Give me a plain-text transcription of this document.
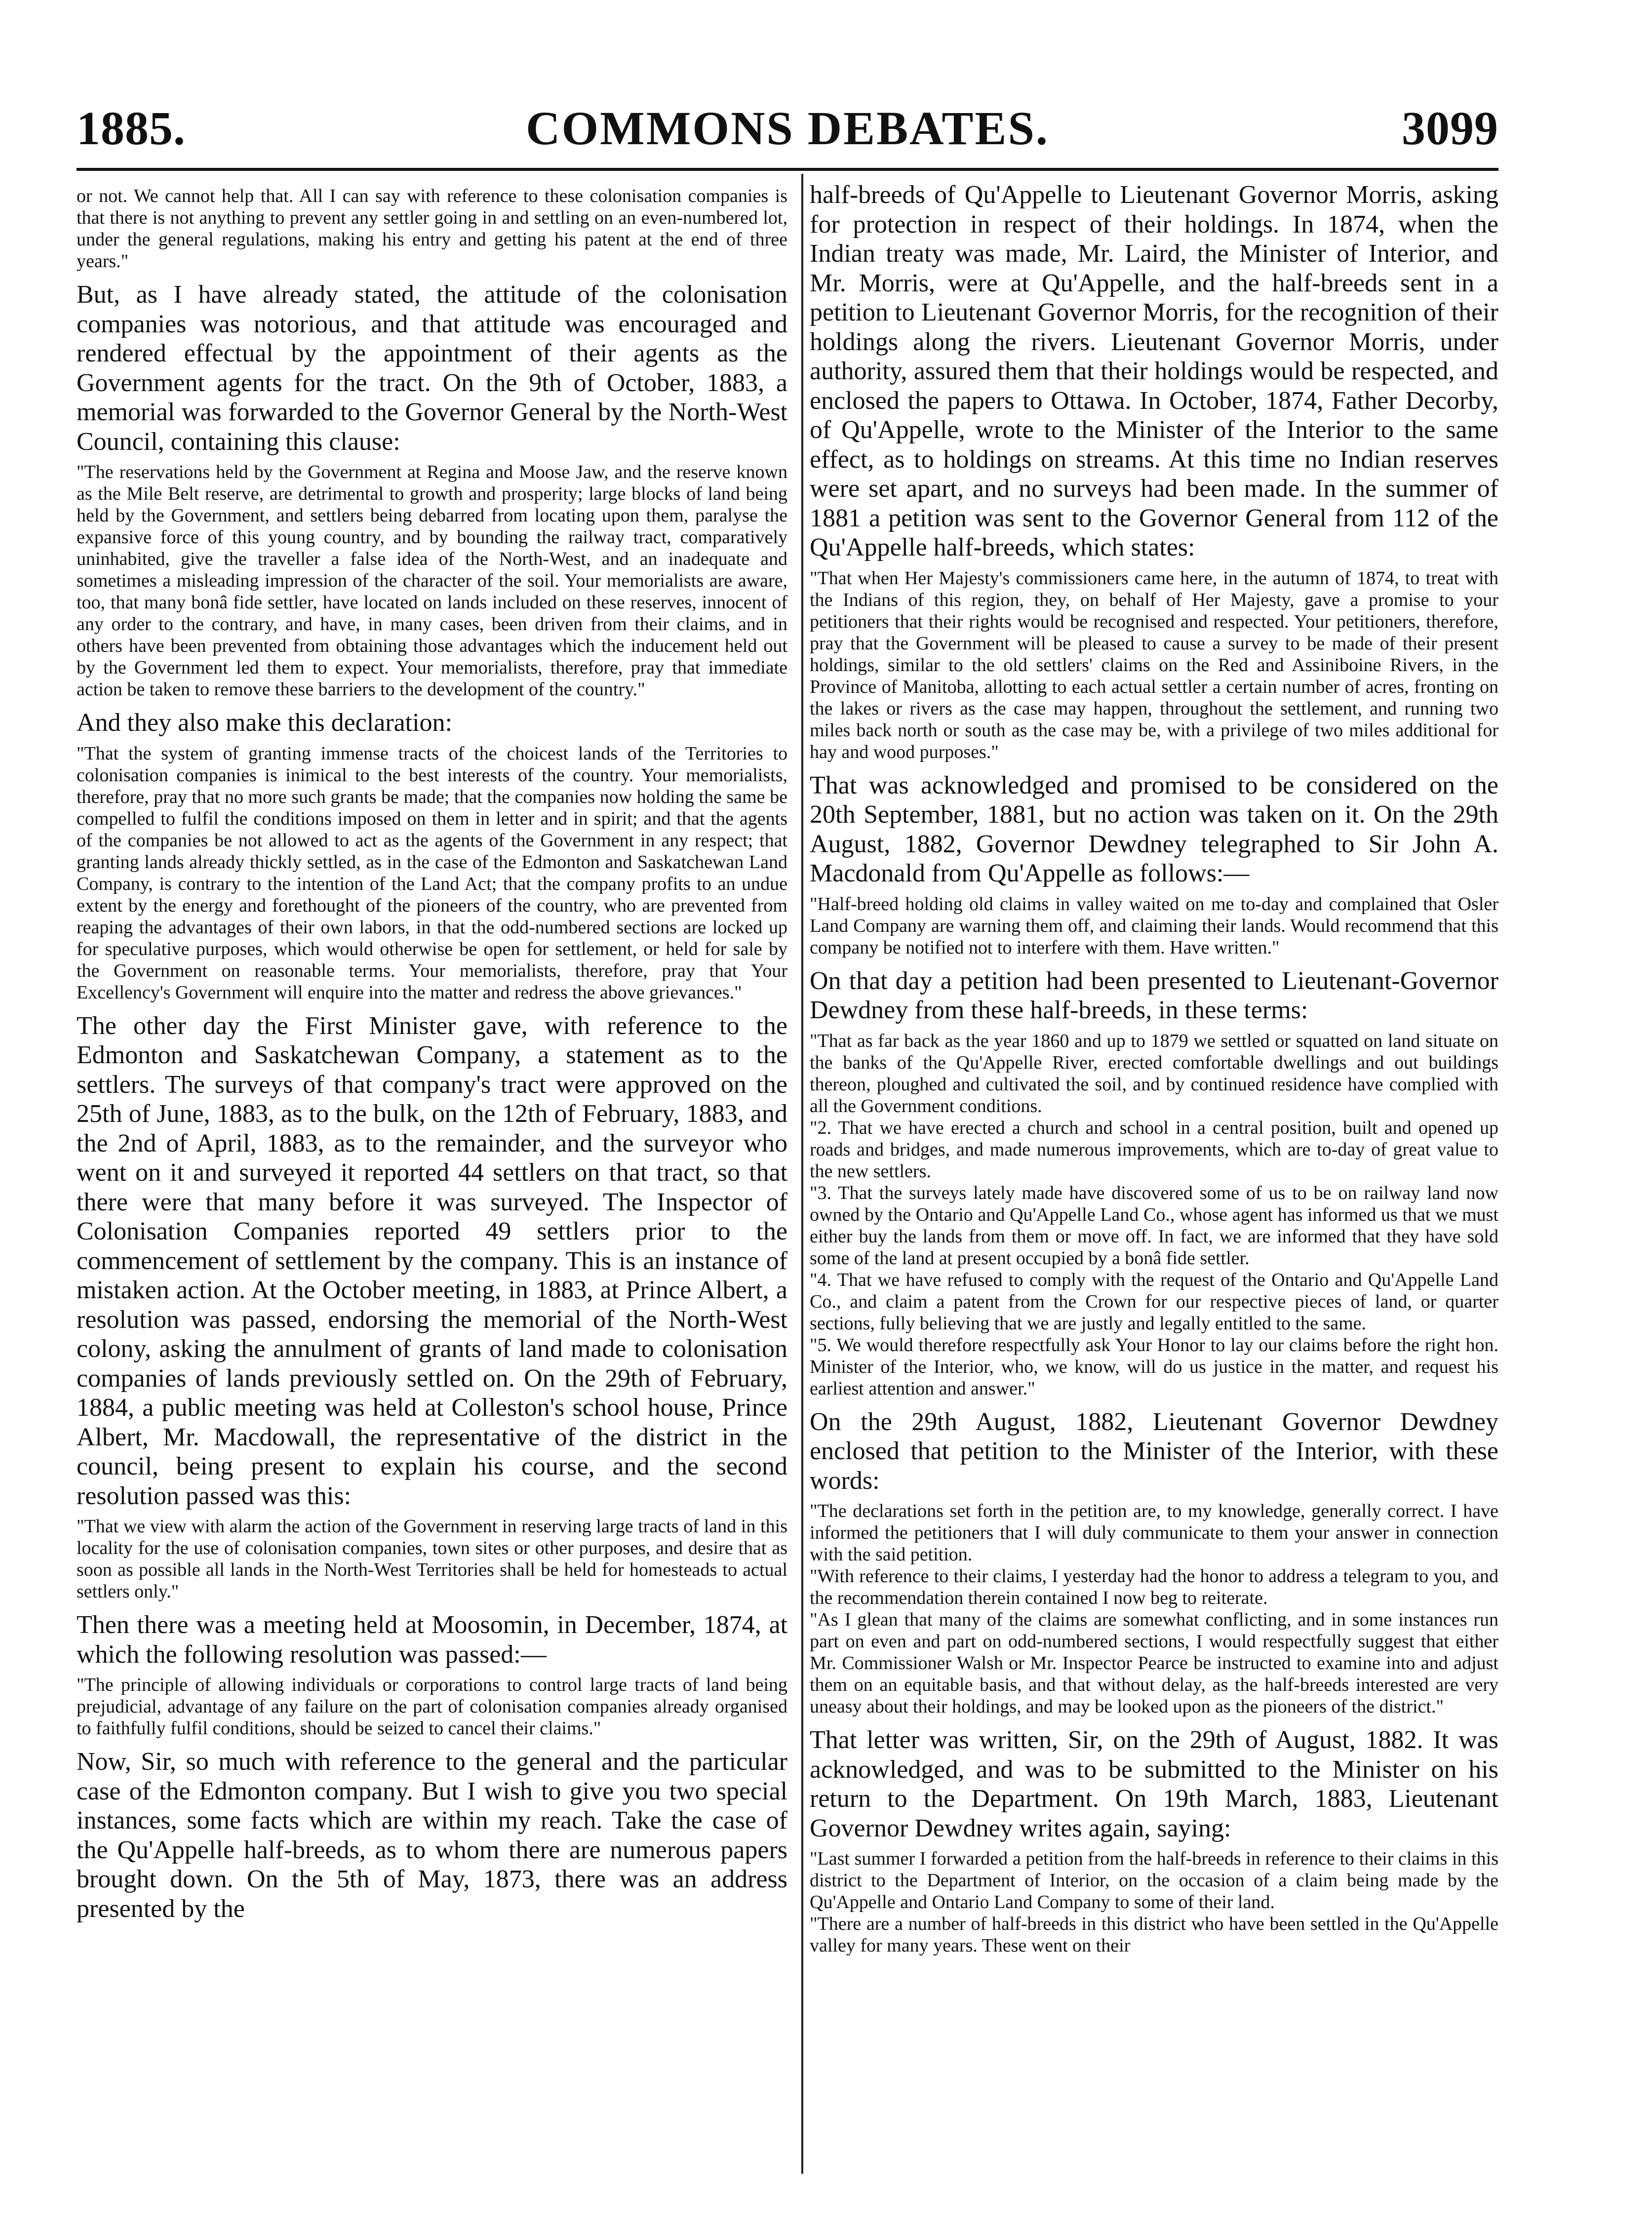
1885.	COMMONS DEBATES.	3099

or not. We cannot help that. All I can say with reference to these colonisation companies is that there is not anything to prevent any settler going in and settling on an even-numbered lot, under the general regulations, making his entry and getting his patent at the end of three years."

But, as I have already stated, the attitude of the colonisation companies was notorious, and that attitude was encouraged and rendered effectual by the appointment of their agents as the Government agents for the tract. On the 9th of October, 1883, a memorial was forwarded to the Governor General by the North-West Council, containing this clause:

"The reservations held by the Government at Regina and Moose Jaw, and the reserve known as the Mile Belt reserve, are detrimental to growth and prosperity; large blocks of land being held by the Government, and settlers being debarred from locating upon them, paralyse the expansive force of this young country, and by bounding the railway tract, comparatively uninhabited, give the traveller a false idea of the North-West, and an inadequate and sometimes a misleading impression of the character of the soil. Your memorialists are aware, too, that many bonâ fide settler, have located on lands included on these reserves, innocent of any order to the contrary, and have, in many cases, been driven from their claims, and in others have been prevented from obtaining those advantages which the inducement held out by the Government led them to expect. Your memorialists, therefore, pray that immediate action be taken to remove these barriers to the development of the country."

And they also make this declaration:

"That the system of granting immense tracts of the choicest lands of the Territories to colonisation companies is inimical to the best interests of the country. Your memorialists, therefore, pray that no more such grants be made; that the companies now holding the same be compelled to fulfil the conditions imposed on them in letter and in spirit; and that the agents of the companies be not allowed to act as the agents of the Government in any respect; that granting lands already thickly settled, as in the case of the Edmonton and Saskatchewan Land Company, is contrary to the intention of the Land Act; that the company profits to an undue extent by the energy and forethought of the pioneers of the country, who are prevented from reaping the advantages of their own labors, in that the odd-numbered sections are locked up for speculative purposes, which would otherwise be open for settlement, or held for sale by the Government on reasonable terms. Your memorialists, therefore, pray that Your Excellency's Government will enquire into the matter and redress the above grievances."

The other day the First Minister gave, with reference to the Edmonton and Saskatchewan Company, a statement as to the settlers. The surveys of that company's tract were approved on the 25th of June, 1883, as to the bulk, on the 12th of February, 1883, and the 2nd of April, 1883, as to the remainder, and the surveyor who went on it and surveyed it reported 44 settlers on that tract, so that there were that many before it was surveyed. The Inspector of Colonisation Companies reported 49 settlers prior to the commencement of settlement by the company. This is an instance of mistaken action. At the October meeting, in 1883, at Prince Albert, a resolution was passed, endorsing the memorial of the North-West colony, asking the annulment of grants of land made to colonisation companies of lands previously settled on. On the 29th of February, 1884, a public meeting was held at Colleston's school house, Prince Albert, Mr. Macdowall, the representative of the district in the council, being present to explain his course, and the second resolution passed was this:

"That we view with alarm the action of the Government in reserving large tracts of land in this locality for the use of colonisation companies, town sites or other purposes, and desire that as soon as possible all lands in the North-West Territories shall be held for homesteads to actual settlers only."

Then there was a meeting held at Moosomin, in December, 1874, at which the following resolution was passed:—

"The principle of allowing individuals or corporations to control large tracts of land being prejudicial, advantage of any failure on the part of colonisation companies already organised to faithfully fulfil conditions, should be seized to cancel their claims."

Now, Sir, so much with reference to the general and the particular case of the Edmonton company. But I wish to give you two special instances, some facts which are within my reach. Take the case of the Qu'Appelle half-breeds, as to whom there are numerous papers brought down. On the 5th of May, 1873, there was an address presented by the

half-breeds of Qu'Appelle to Lieutenant Governor Morris, asking for protection in respect of their holdings. In 1874, when the Indian treaty was made, Mr. Laird, the Minister of Interior, and Mr. Morris, were at Qu'Appelle, and the half-breeds sent in a petition to Lieutenant Governor Morris, for the recognition of their holdings along the rivers. Lieutenant Governor Morris, under authority, assured them that their holdings would be respected, and enclosed the papers to Ottawa. In October, 1874, Father Decorby, of Qu'Appelle, wrote to the Minister of the Interior to the same effect, as to holdings on streams. At this time no Indian reserves were set apart, and no surveys had been made. In the summer of 1881 a petition was sent to the Governor General from 112 of the Qu'Appelle half-breeds, which states:

"That when Her Majesty's commissioners came here, in the autumn of 1874, to treat with the Indians of this region, they, on behalf of Her Majesty, gave a promise to your petitioners that their rights would be recognised and respected. Your petitioners, therefore, pray that the Government will be pleased to cause a survey to be made of their present holdings, similar to the old settlers' claims on the Red and Assiniboine Rivers, in the Province of Manitoba, allotting to each actual settler a certain number of acres, fronting on the lakes or rivers as the case may happen, throughout the settlement, and running two miles back north or south as the case may be, with a privilege of two miles additional for hay and wood purposes."

That was acknowledged and promised to be considered on the 20th September, 1881, but no action was taken on it. On the 29th August, 1882, Governor Dewdney telegraphed to Sir John A. Macdonald from Qu'Appelle as follows:—

"Half-breed holding old claims in valley waited on me to-day and complained that Osler Land Company are warning them off, and claiming their lands. Would recommend that this company be notified not to interfere with them. Have written."

On that day a petition had been presented to Lieutenant-Governor Dewdney from these half-breeds, in these terms:

"That as far back as the year 1860 and up to 1879 we settled or squatted on land situate on the banks of the Qu'Appelle River, erected comfortable dwellings and out buildings thereon, ploughed and cultivated the soil, and by continued residence have complied with all the Government conditions.
"2. That we have erected a church and school in a central position, built and opened up roads and bridges, and made numerous improvements, which are to-day of great value to the new settlers.
"3. That the surveys lately made have discovered some of us to be on railway land now owned by the Ontario and Qu'Appelle Land Co., whose agent has informed us that we must either buy the lands from them or move off. In fact, we are informed that they have sold some of the land at present occupied by a bonâ fide settler.
"4. That we have refused to comply with the request of the Ontario and Qu'Appelle Land Co., and claim a patent from the Crown for our respective pieces of land, or quarter sections, fully believing that we are justly and legally entitled to the same.
"5. We would therefore respectfully ask Your Honor to lay our claims before the right hon. Minister of the Interior, who, we know, will do us justice in the matter, and request his earliest attention and answer."

On the 29th August, 1882, Lieutenant Governor Dewdney enclosed that petition to the Minister of the Interior, with these words:

"The declarations set forth in the petition are, to my knowledge, generally correct. I have informed the petitioners that I will duly communicate to them your answer in connection with the said petition.
"With reference to their claims, I yesterday had the honor to address a telegram to you, and the recommendation therein contained I now beg to reiterate.
"As I glean that many of the claims are somewhat conflicting, and in some instances run part on even and part on odd-numbered sections, I would respectfully suggest that either Mr. Commissioner Walsh or Mr. Inspector Pearce be instructed to examine into and adjust them on an equitable basis, and that without delay, as the half-breeds interested are very uneasy about their holdings, and may be looked upon as the pioneers of the district."

That letter was written, Sir, on the 29th of August, 1882. It was acknowledged, and was to be submitted to the Minister on his return to the Department. On 19th March, 1883, Lieutenant Governor Dewdney writes again, saying:

"Last summer I forwarded a petition from the half-breeds in reference to their claims in this district to the Department of Interior, on the occasion of a claim being made by the Qu'Appelle and Ontario Land Company to some of their land.
"There are a number of half-breeds in this district who have been settled in the Qu'Appelle valley for many years. These went on their
